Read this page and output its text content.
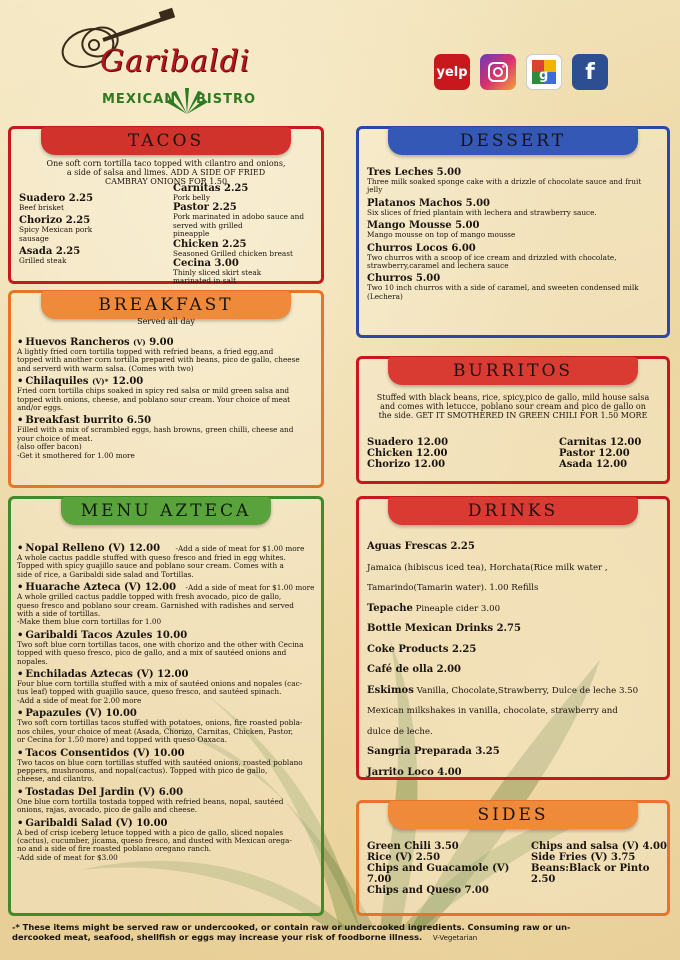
Garibaldi
MEXICAN BISTRO
yelp	g f
TACOS
One soft corn tortilla taco topped with cilantro and onions,
a side of salsa and limes. ADD A SIDE OF FRIED
CAMBRAY ONIONS FOR 1.50
Suadero 2.25
Beef brisket
Chorizo 2.25
Spicy Mexican pork
sausage
Asada 2.25
Grilled steak
Carnitas 2.25
Pork belly
Pastor 2.25
Pork marinated in adobo sauce and
served with grilled
pineapple
Chicken 2.25
Seasoned Grilled chicken breast
Cecina 3.00
Thinly sliced skirt steak
marinated in salt
DESSERT
Tres Leches 5.00
Three milk soaked sponge cake with a drizzle of chocolate sauce and fruit
jelly
Platanos Machos 5.00
Six slices of fried plantain with lechera and strawberry sauce.
Mango Mousse 5.00
Mango mousse on top of mango mousse
Churros Locos 6.00
Two churros with a scoop of ice cream and drizzled with chocolate,
strawberry,caramel and lechera sauce
Churros 5.00
Two 10 inch churros with a side of caramel, and sweeten condensed milk
(Lechera)
BREAKFAST
Served all day
• Huevos Rancheros (V) 9.00
A lightly fried corn tortilla topped with refried beans, a fried egg,and
topped with another corn tortilla prepared with beans, pico de gallo, cheese
and serverd with warm salsa. (Comes with two)
• Chilaquiles (V)* 12.00
Fried corn tortilla chips soaked in spicy red salsa or mild green salsa and
topped with onions, cheese, and poblano sour cream. Your choice of meat
and/or eggs.
• Breakfast burrito 6.50
Filled with a mix of scrambled eggs, hash browns, green chilli, cheese and
your choice of meat.
(also offer bacon)
-Get it smothered for 1.00 more
BURRITOS
Stuffed with black beans, rice, spicy,pico de gallo, mild house salsa
and comes with letucce, poblano sour cream and pico de gallo on
the side. GET IT SMOTHERED IN GREEN CHILI FOR 1.50 MORE
Suadero 12.00
Chicken 12.00
Chorizo 12.00
Carnitas 12.00
Pastor 12.00
Asada 12.00
MENU AZTECA
• Nopal Relleno (V) 12.00 -Add a side of meat for $1.00 more
A whole cactus paddle stuffed with queso fresco and fried in egg whites.
Topped with spicy guajillo sauce and poblano sour cream. Comes with a
side of rice, a Garibaldi side salad and Tortillas.
• Huarache Azteca (V) 12.00 -Add a side of meat for $1.00 more
A whole grilled cactus paddle topped with fresh avocado, pico de gallo,
queso fresco and poblano sour cream. Garnished with radishes and served
with a side of tortillas.
-Make them blue corn tortillas for 1.00
• Garibaldi Tacos Azules 10.00
Two soft blue corn tortillas tacos, one with chorizo and the other with Cecina
topped with queso fresco, pico de gallo, and a mix of sautéed onions and
nopales.
• Enchiladas Aztecas (V) 12.00
Four blue corn tortilla stuffed with a mix of sautéed onions and nopales (cac-
tus leaf) topped with guajillo sauce, queso fresco, and sautéed spinach.
-Add a side of meat for 2.00 more
• Papazules (V) 10.00
Two soft corn tortillas tacos stuffed with potatoes, onions, fire roasted pobla-
nos chiles, your choice of meat (Asada, Chorizo, Carnitas, Chicken, Pastor,
or Cecina for 1.50 more) and topped with queso Oaxaca.
• Tacos Consentidos (V) 10.00
Two tacos on blue corn tortillas stuffed with sautéed onions, roasted poblano
peppers, mushrooms, and nopal(cactus). Topped with pico de gallo,
cheese, and cilantro.
• Tostadas Del Jardin (V) 6.00
One blue corn tortilla tostada topped with refried beans, nopal, sautéed
onions, rajas, avocado, pico de gallo and cheese.
• Garibaldi Salad (V) 10.00
A bed of crisp iceberg letuce topped with a pico de gallo, sliced nopales
(cactus), cucumber, jicama, queso fresco, and dusted with Mexican orega-
no and a side of fire roasted poblano oregano ranch.
-Add side of meat for $3.00
DRINKS
Aguas Frescas 2.25
Jamaica (hibiscus iced tea), Horchata(Rice milk water ,
Tamarindo(Tamarin water). 1.00 Refills
Tepache Pineaple cider 3.00
Bottle Mexican Drinks 2.75
Coke Products 2.25
Café de olla 2.00
Eskimos Vanilla, Chocolate,Strawberry, Dulce de leche 3.50
Mexican milkshakes in vanilla, chocolate, strawberry and
dulce de leche.
Sangria Preparada 3.25
Jarrito Loco 4.00
SIDES
Green Chili 3.50
Rice (V) 2.50
Chips and Guacamole (V) 7.00
Chips and Queso 7.00
Chips and salsa (V) 4.00
Side Fries (V) 3.75
Beans:Black or Pinto 2.50
-* These items might be served raw or undercooked, or contain raw or undercooked ingredients. Consuming raw or un-
dercooked meat, seafood, shellfish or eggs may increase your risk of foodborne illness. V-Vegetarian
